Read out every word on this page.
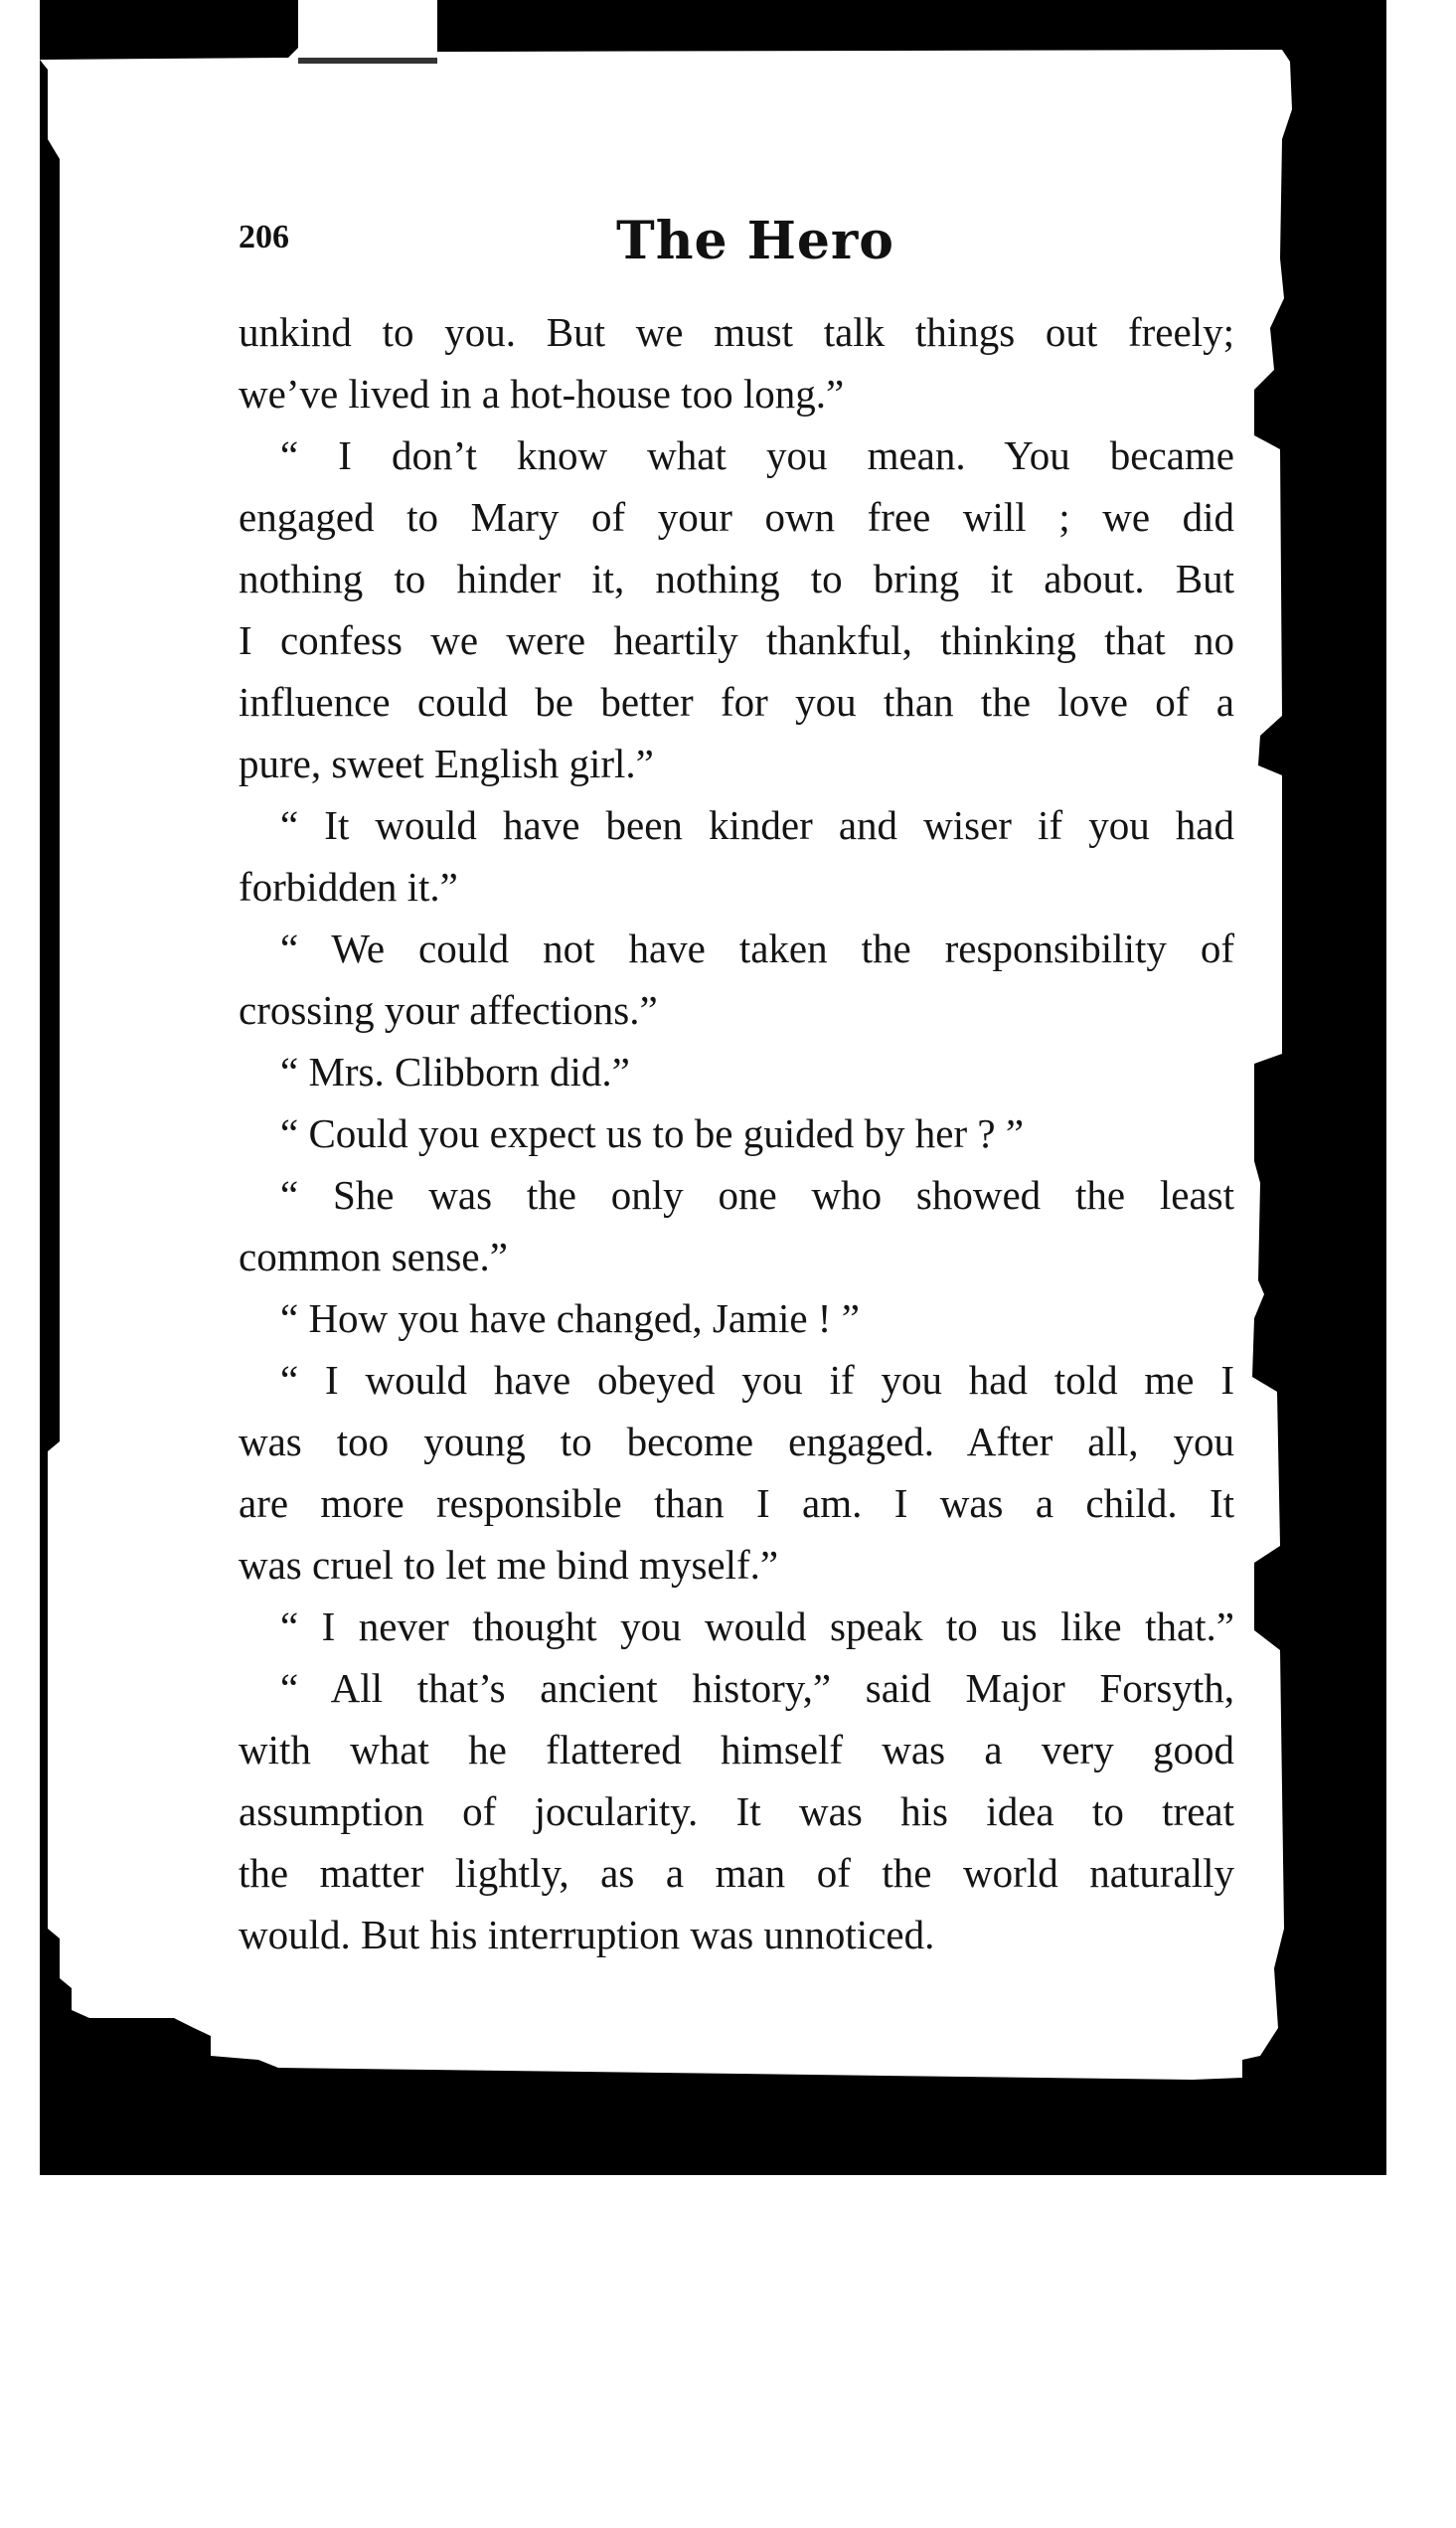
206	The Hero
unkind to you. But we must talk things out freely;
we’ve lived in a hot-house too long.”
“ I don’t know what you mean. You became
engaged to Mary of your own free will ; we did
nothing to hinder it, nothing to bring it about. But
I confess we were heartily thankful, thinking that no
influence could be better for you than the love of a
pure, sweet English girl.”
“ It would have been kinder and wiser if you had
forbidden it.”
“ We could not have taken the responsibility of
crossing your affections.”
“ Mrs. Clibborn did.”
“ Could you expect us to be guided by her ? ”
“ She was the only one who showed the least
common sense.”
“ How you have changed, Jamie ! ”
“ I would have obeyed you if you had told me I
was too young to become engaged. After all, you
are more responsible than I am. I was a child. It
was cruel to let me bind myself.”
“ I never thought you would speak to us like that.”
“ All that’s ancient history,” said Major Forsyth,
with what he flattered himself was a very good
assumption of jocularity. It was his idea to treat
the matter lightly, as a man of the world naturally
would. But his interruption was unnoticed.
